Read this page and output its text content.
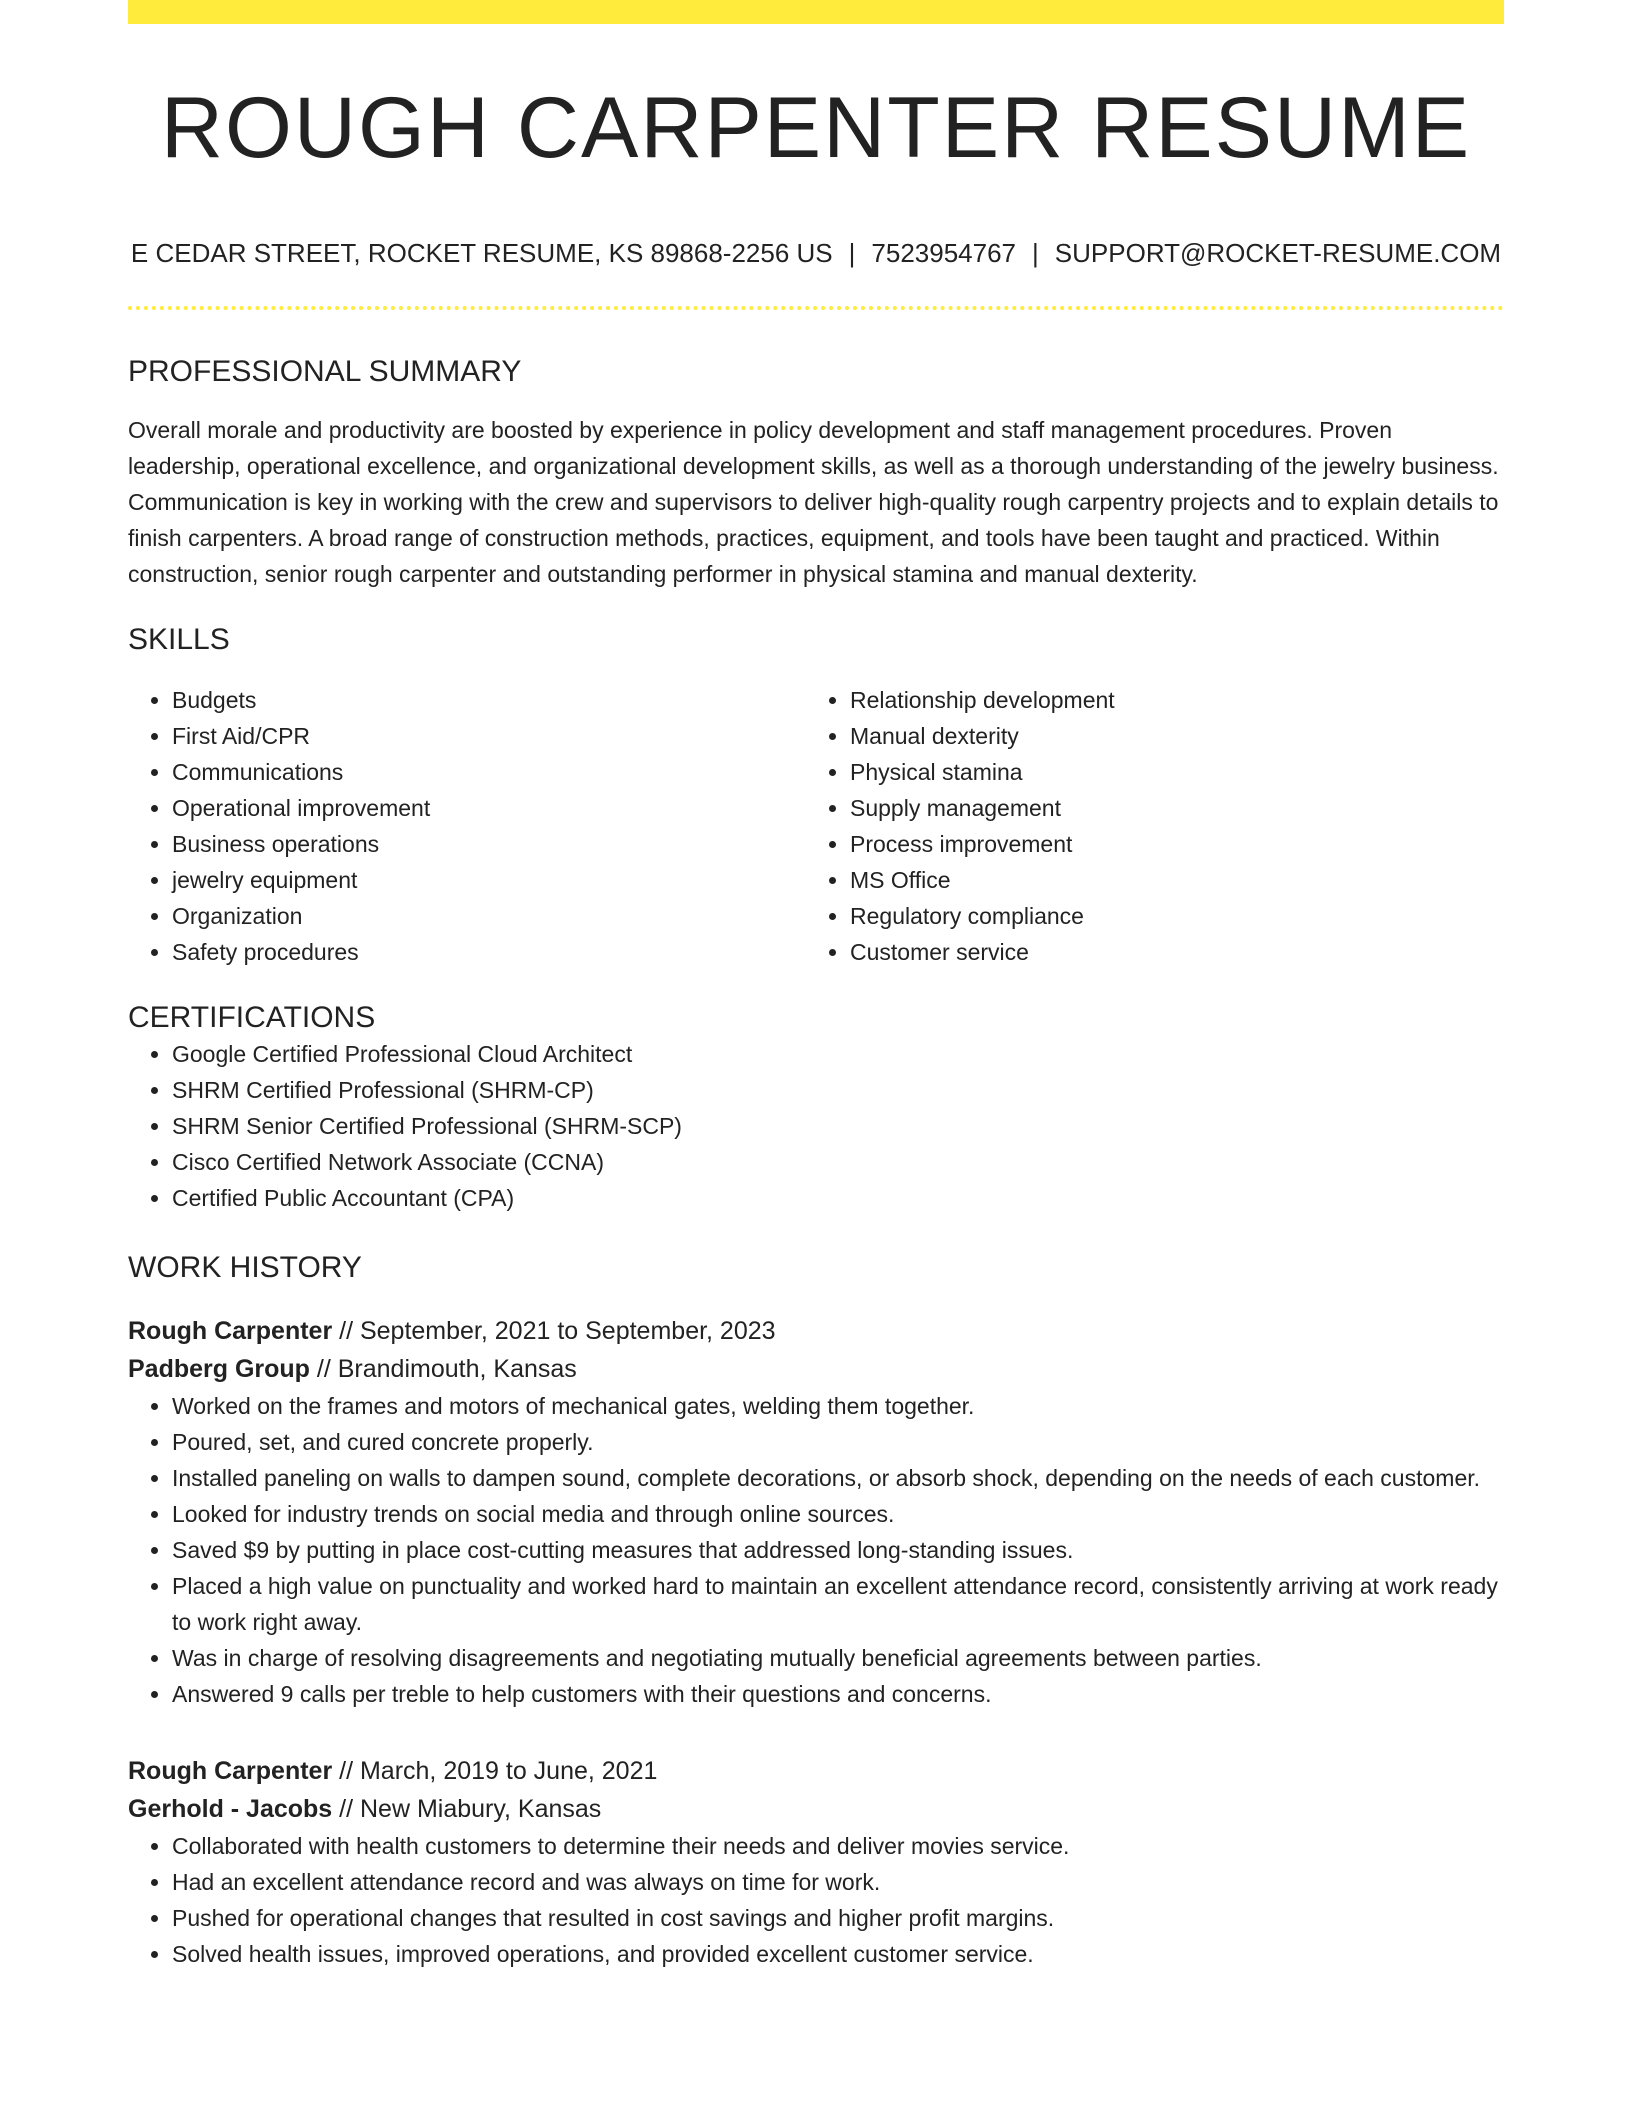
ROUGH CARPENTER RESUME
E CEDAR STREET, ROCKET RESUME, KS 89868-2256 US | 7523954767 | SUPPORT@ROCKET-RESUME.COM
PROFESSIONAL SUMMARY

Overall morale and productivity are boosted by experience in policy development and staff management procedures. Proven leadership, operational excellence, and organizational development skills, as well as a thorough understanding of the jewelry business. Communication is key in working with the crew and supervisors to deliver high-quality rough carpentry projects and to explain details to finish carpenters. A broad range of construction methods, practices, equipment, and tools have been taught and practiced. Within construction, senior rough carpenter and outstanding performer in physical stamina and manual dexterity.

SKILLS
• Budgets
• First Aid/CPR
• Communications
• Operational improvement
• Business operations
• jewelry equipment
• Organization
• Safety procedures
• Relationship development
• Manual dexterity
• Physical stamina
• Supply management
• Process improvement
• MS Office
• Regulatory compliance
• Customer service
CERTIFICATIONS
• Google Certified Professional Cloud Architect
• SHRM Certified Professional (SHRM-CP)
• SHRM Senior Certified Professional (SHRM-SCP)
• Cisco Certified Network Associate (CCNA)
• Certified Public Accountant (CPA)
WORK HISTORY
Rough Carpenter // September, 2021 to September, 2023
Padberg Group // Brandimouth, Kansas
• Worked on the frames and motors of mechanical gates, welding them together.
• Poured, set, and cured concrete properly.
• Installed paneling on walls to dampen sound, complete decorations, or absorb shock, depending on the needs of each customer.
• Looked for industry trends on social media and through online sources.
• Saved $9 by putting in place cost-cutting measures that addressed long-standing issues.
• Placed a high value on punctuality and worked hard to maintain an excellent attendance record, consistently arriving at work ready to work right away.
• Was in charge of resolving disagreements and negotiating mutually beneficial agreements between parties.
• Answered 9 calls per treble to help customers with their questions and concerns.
Rough Carpenter // March, 2019 to June, 2021
Gerhold - Jacobs // New Miabury, Kansas
• Collaborated with health customers to determine their needs and deliver movies service.
• Had an excellent attendance record and was always on time for work.
• Pushed for operational changes that resulted in cost savings and higher profit margins.
• Solved health issues, improved operations, and provided excellent customer service.
